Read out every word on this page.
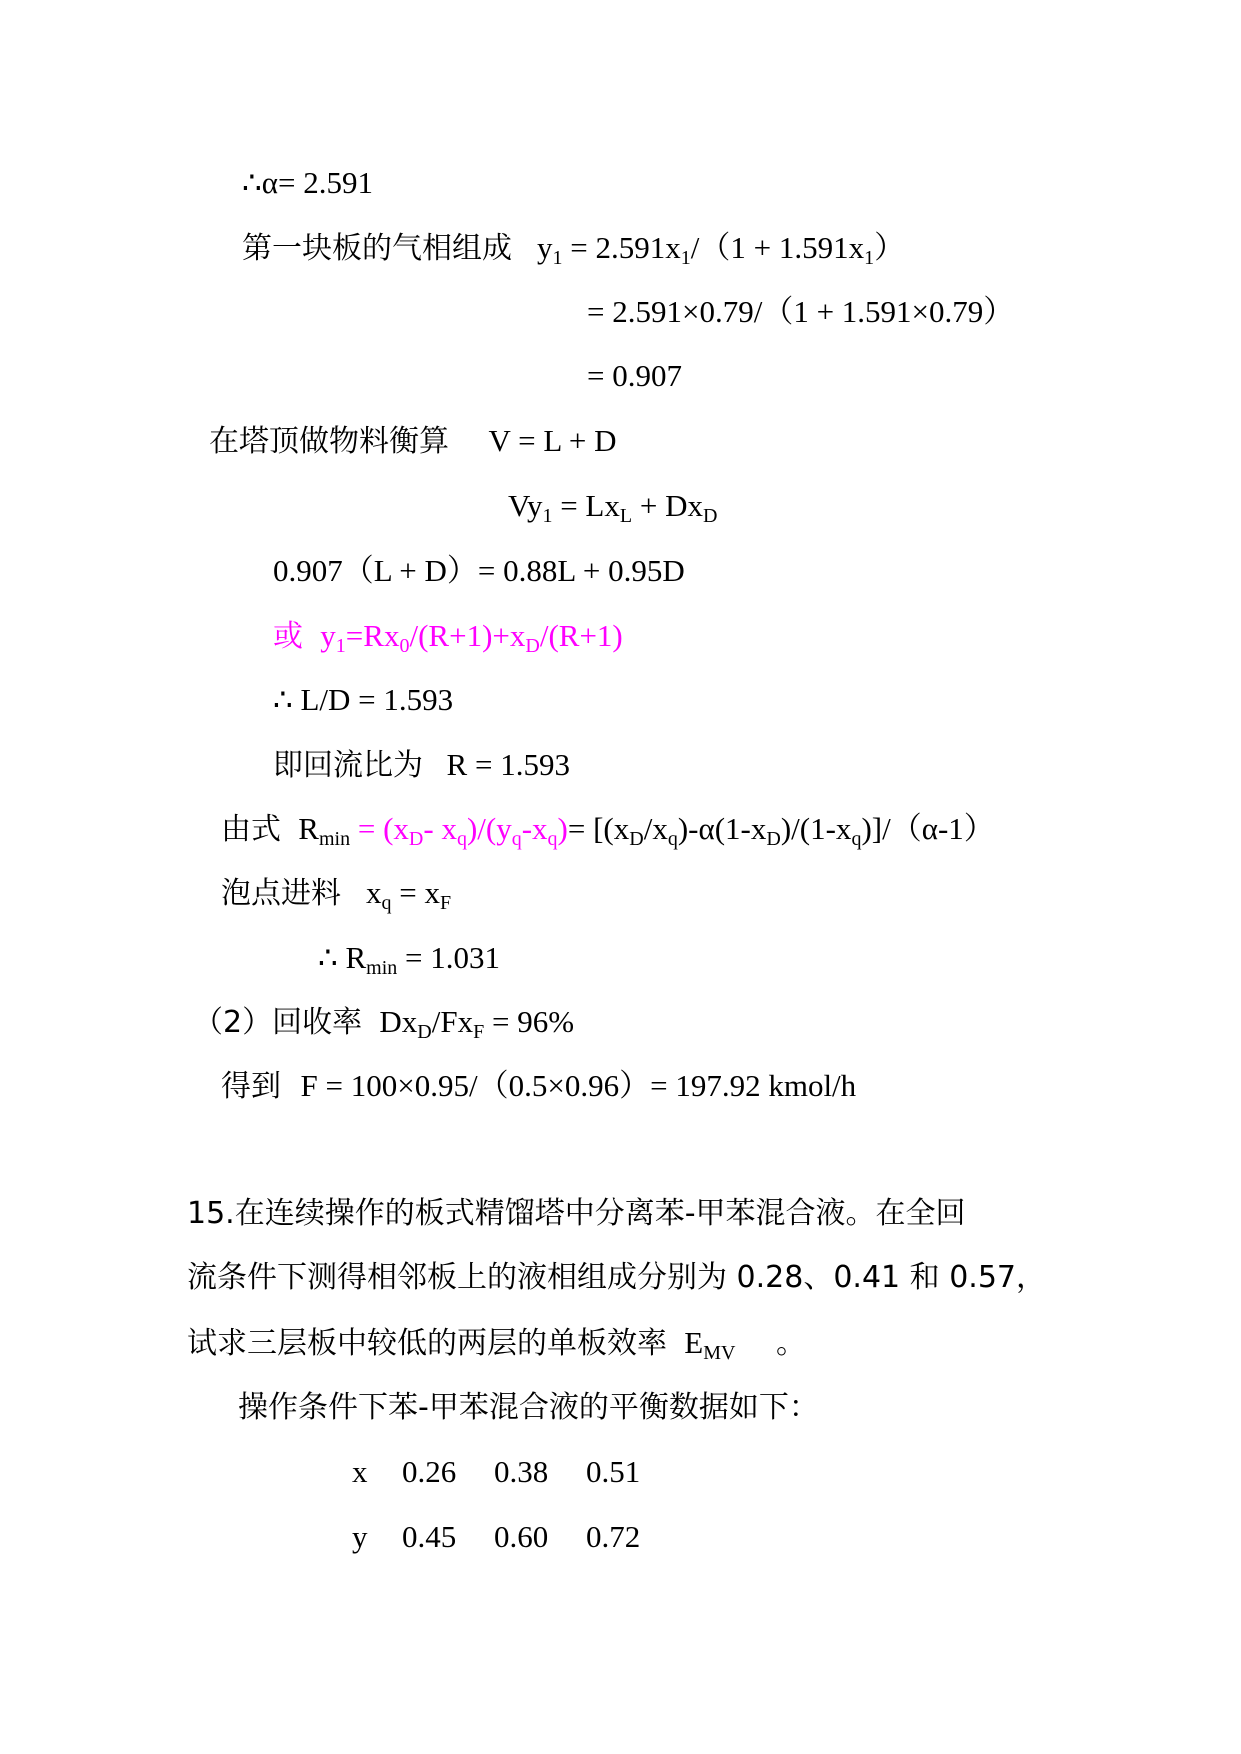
∴α= 2.591
第一块板的气相组成   $y_1 = 2.591x_1/(1 + 1.591x_1)$
= 2.591×0.79/（1 + 1.591×0.79）
= 0.907
在塔顶做物料衡算 V = L + D
$Vy_1 = Lx_L + Dx_D$
0.907（L + D）= 0.88L + 0.95D
或  $y_1=Rx_0/(R+1)+x_D/(R+1)$
∴ L/D = 1.593
即回流比为 R = 1.593
由式  $R_{min} = (x_D-$ $x_q)/(y_q-x_q)= [(x_D/x_q)-\alpha(1-x_D)/(1-x_q)]/(\alpha-1)$
泡点进料   $x_q = x_F$
∴ $R_{min} = 1.031$
（2）回收率  $Dx_D/Fx_F = 96\%$
得到 F = 100×0.95/（0.5×0.96）= 197.92 kmol/h
15.在连续操作的板式精馏塔中分离苯-甲苯混合液。在全回
流条件下测得相邻板上的液相组成分别为 0.28、0.41 和 0.57，
试求三层板中较低的两层的单板效率  $E_{MV}$ 。
操作条件下苯-甲苯混合液的平衡数据如下：
x 0.26 0.38 0.51
y 0.45 0.60 0.72
